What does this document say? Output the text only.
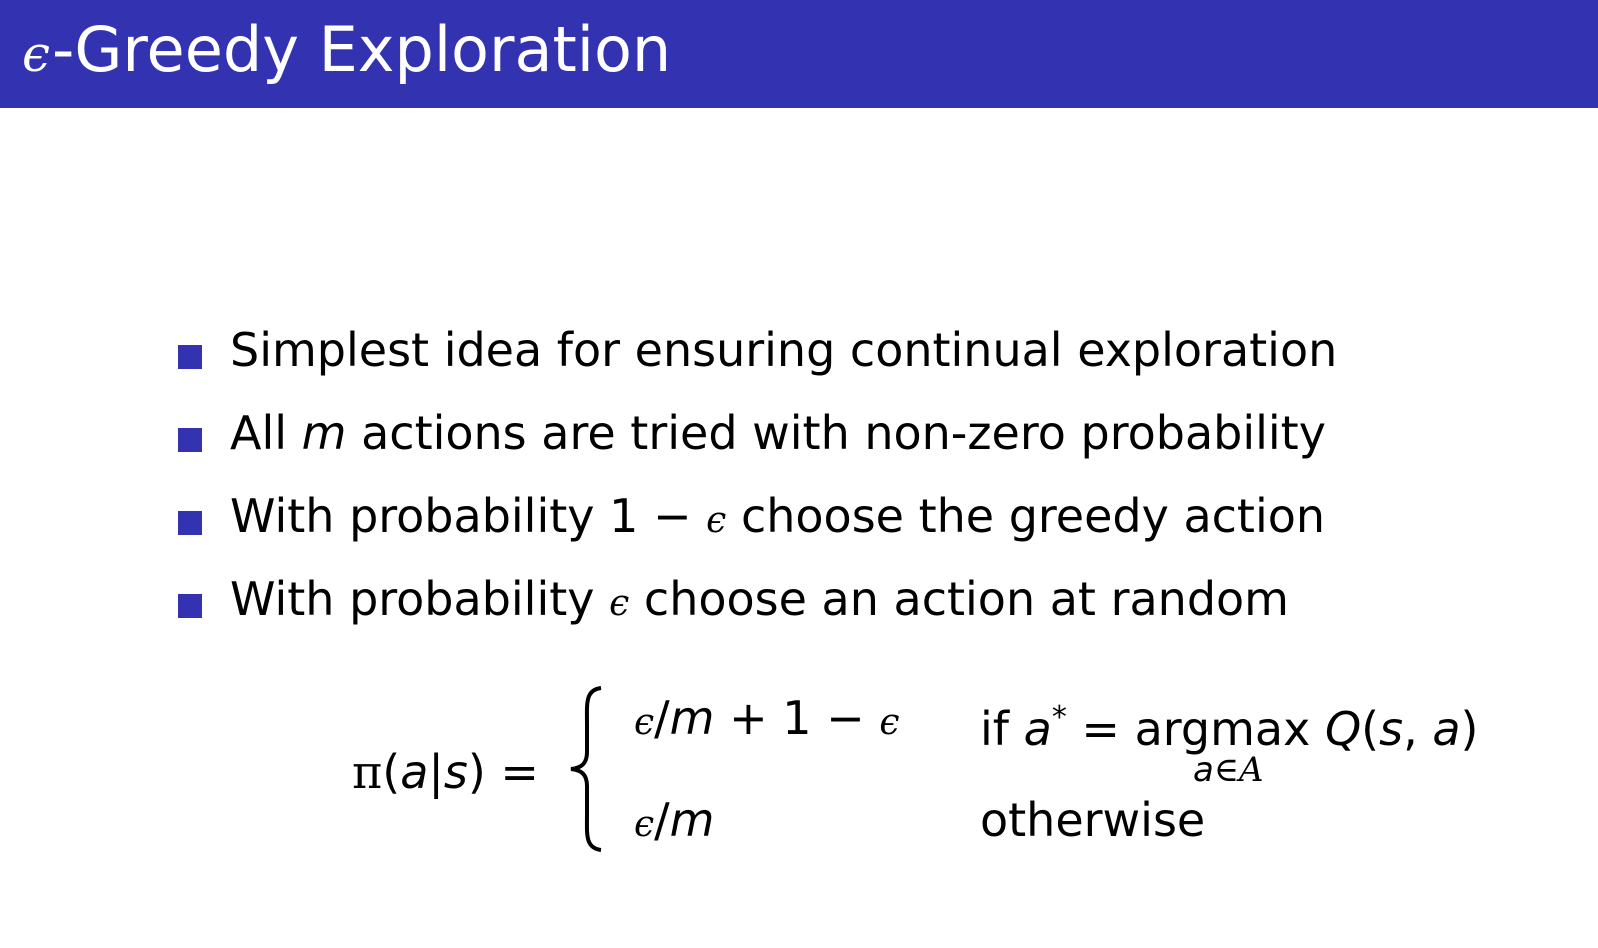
ϵ-Greedy Exploration
Simplest idea for ensuring continual exploration
All m actions are tried with non-zero probability
With probability 1 − ϵ choose the greedy action
With probability ϵ choose an action at random
π(a|s) =
ϵ/m + 1 − ϵ if a* = argmax Q(s, a)
a∈A
ϵ/m	otherwise
